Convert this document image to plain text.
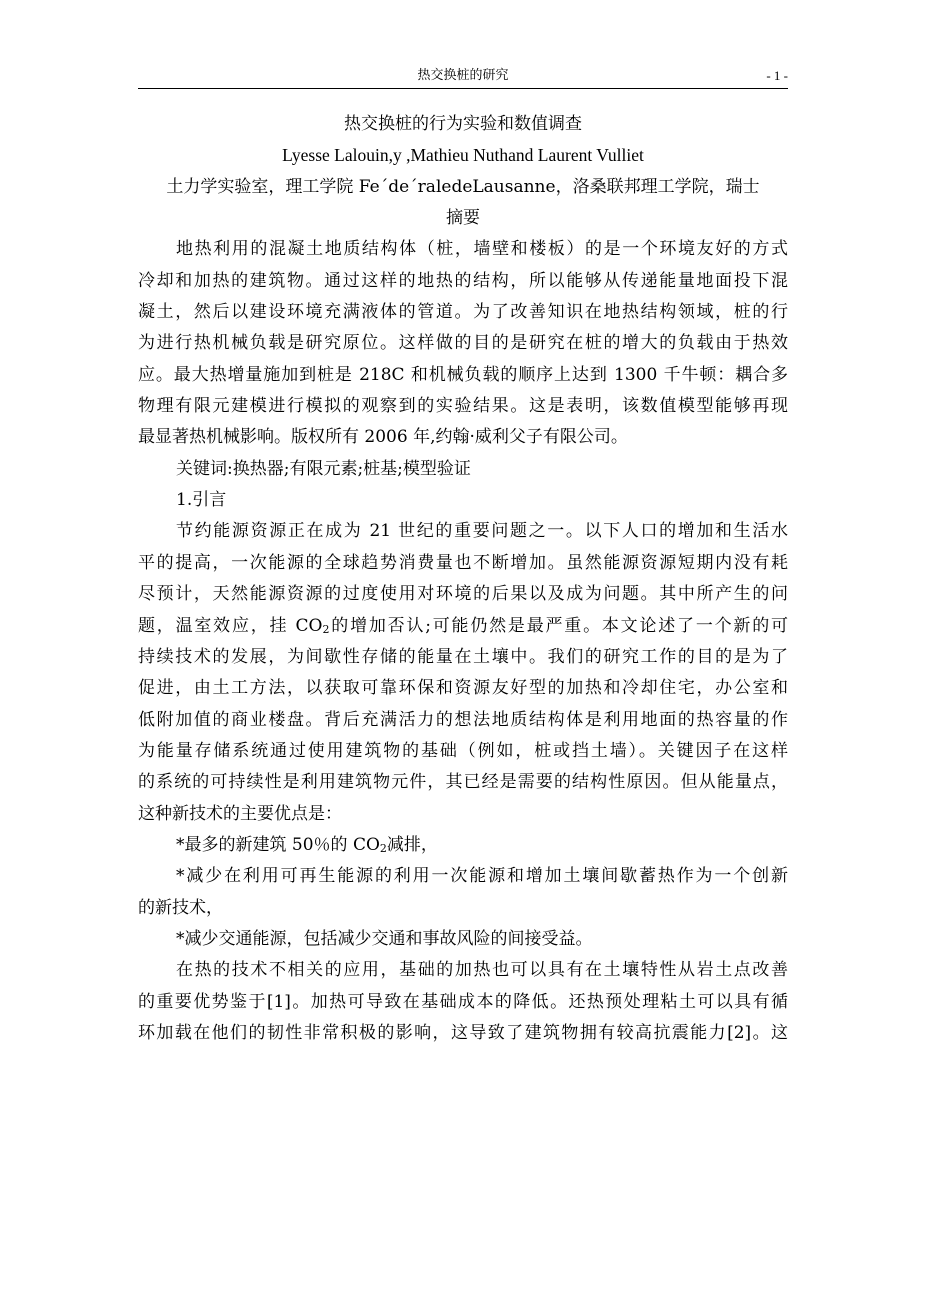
热交换桩的研究	- 1 -
热交换桩的行为实验和数值调查
Lyesse Lalouin,y ,Mathieu Nuthand Laurent Vulliet
土力学实验室，理工学院 Fe´de´raledeLausanne，洛桑联邦理工学院，瑞士
摘要
地热利用的混凝土地质结构体（桩，墙壁和楼板）的是一个环境友好的方式
冷却和加热的建筑物。通过这样的地热的结构，所以能够从传递能量地面投下混
凝土，然后以建设环境充满液体的管道。为了改善知识在地热结构领域，桩的行
为进行热机械负载是研究原位。这样做的目的是研究在桩的增大的负载由于热效
应。最大热增量施加到桩是 218C 和机械负载的顺序上达到 1300 千牛顿：耦合多
物理有限元建模进行模拟的观察到的实验结果。这是表明，该数值模型能够再现
最显著热机械影响。版权所有 2006 年,约翰·威利父子有限公司。
关键词:换热器;有限元素;桩基;模型验证
1.引言
节约能源资源正在成为 21 世纪的重要问题之一。以下人口的增加和生活水
平的提高，一次能源的全球趋势消费量也不断增加。虽然能源资源短期内没有耗
尽预计，天然能源资源的过度使用对环境的后果以及成为问题。其中所产生的问
题，温室效应，挂 $CO_2$的增加否认;可能仍然是最严重。本文论述了一个新的可
持续技术的发展，为间歇性存储的能量在土壤中。我们的研究工作的目的是为了
促进，由土工方法，以获取可靠环保和资源友好型的加热和冷却住宅，办公室和
低附加值的商业楼盘。背后充满活力的想法地质结构体是利用地面的热容量的作
为能量存储系统通过使用建筑物的基础（例如，桩或挡土墙）。关键因子在这样
的系统的可持续性是利用建筑物元件，其已经是需要的结构性原因。但从能量点，
这种新技术的主要优点是：
*最多的新建筑 50％的 $CO_2$减排，
*减少在利用可再生能源的利用一次能源和增加土壤间歇蓄热作为一个创新
的新技术，
*减少交通能源，包括减少交通和事故风险的间接受益。
在热的技术不相关的应用，基础的加热也可以具有在土壤特性从岩土点改善
的重要优势鉴于[1]。加热可导致在基础成本的降低。还热预处理粘土可以具有循
环加载在他们的韧性非常积极的影响，这导致了建筑物拥有较高抗震能力[2]。这
